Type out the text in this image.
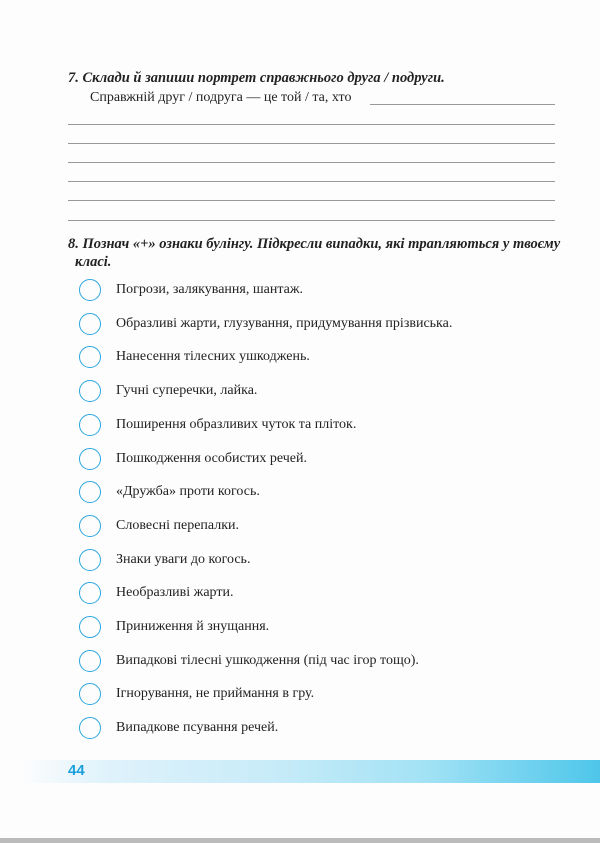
7. Склади й запиши портрет справжнього друга / подруги.
Справжній друг / подруга — це той / та, хто
8. Познач «+» ознаки булінгу. Підкресли випадки, які трапляються у твоєму
класі.
Погрози, залякування, шантаж.
Образливі жарти, глузування, придумування прізвиська.
Нанесення тілесних ушкоджень.
Гучні суперечки, лайка.
Поширення образливих чуток та пліток.
Пошкодження особистих речей.
«Дружба» проти когось.
Словесні перепалки.
Знаки уваги до когось.
Необразливі жарти.
Приниження й знущання.
Випадкові тілесні ушкодження (під час ігор тощо).
Ігнорування, не приймання в гру.
Випадкове псування речей.
44
